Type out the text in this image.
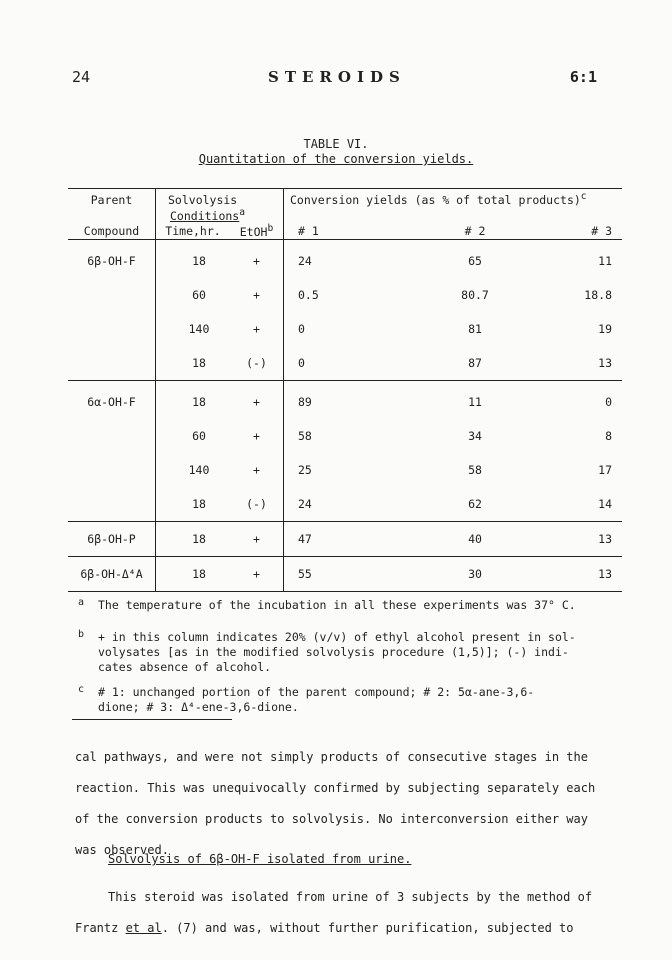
24	STEROIDS	6:1
TABLE VI.
Quantitation of the conversion yields.
Parent	Solvolysis		Conversion yields (as % of total products)$^c$
	Conditions$^a$	
Compound	Time,hr.	EtOH$^b$	# 1	# 2	# 3
6β-OH-F	18	+	24	65	11
	60	+	0.5	80.7	18.8
	140	+	0	81	19
	18	(-)	0	87	13
6α-OH-F	18	+	89	11	0
	60	+	58	34	8
	140	+	25	58	17
	18	(-)	24	62	14
6β-OH-P	18	+	47	40	13
6β-OH-Δ⁴A	18	+	55	30	13
a The temperature of the incubation in all these experiments was 37° C.
b + in this column indicates 20% (v/v) of ethyl alcohol present in sol-
volysates [as in the modified solvolysis procedure (1,5)]; (-) indi-
cates absence of alcohol.
c # 1: unchanged portion of the parent compound; # 2: 5α-ane-3,6-
dione; # 3: Δ⁴-ene-3,6-dione.
cal pathways, and were not simply products of consecutive stages in the
reaction. This was unequivocally confirmed by subjecting separately each
of the conversion products to solvolysis. No interconversion either way
was observed.
Solvolysis of 6β-OH-F isolated from urine.
This steroid was isolated from urine of 3 subjects by the method of
Frantz et al. (7) and was, without further purification, subjected to
